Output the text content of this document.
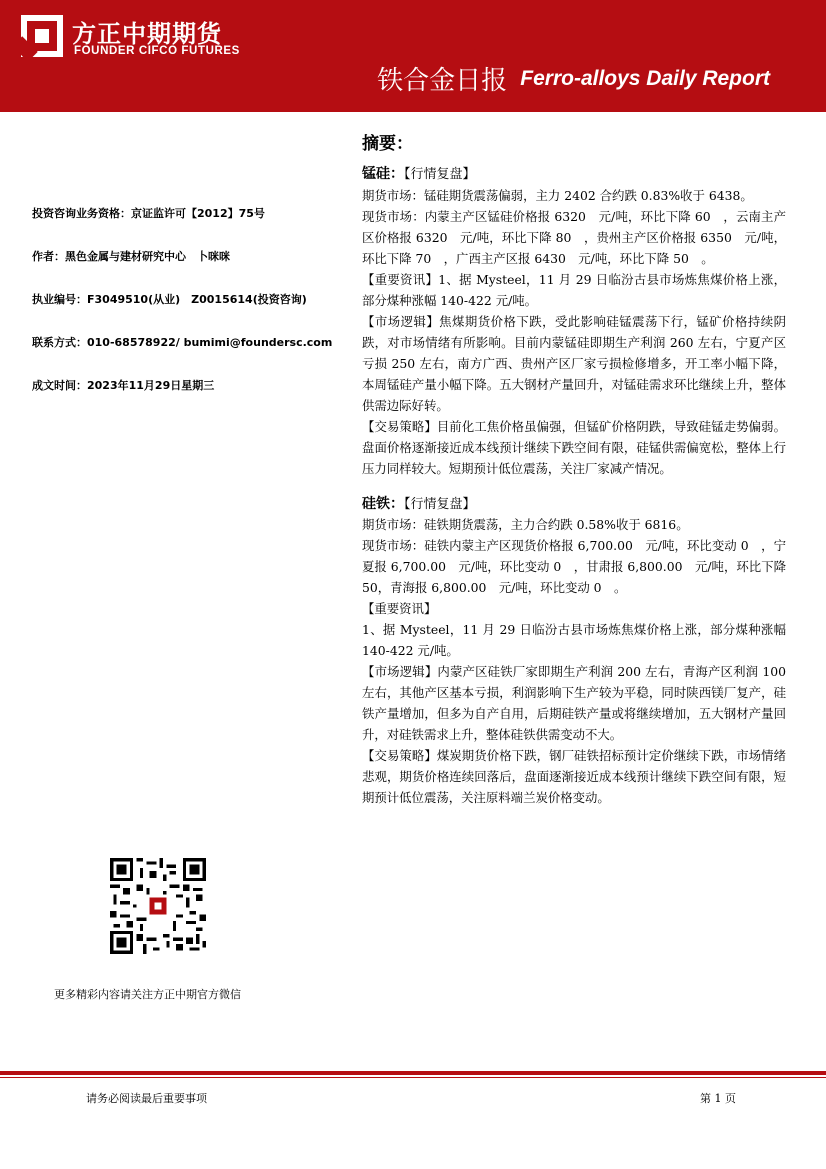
方正中期期货
FOUNDER CIFCO FUTURES
铁合金日报 Ferro-alloys Daily Report
投资咨询业务资格：京证监许可【2012】75号
作者：黑色金属与建材研究中心　卜咪咪
执业编号：F3049510(从业)　Z0015614(投资咨询)
联系方式：010-68578922/ bumimi@foundersc.com
成文时间：2023年11月29日星期三
更多精彩内容请关注方正中期官方微信
摘要：
锰硅：【行情复盘】
期货市场：锰硅期货震荡偏弱，主力 2402 合约跌 0.83%收于 6438。
现货市场：内蒙主产区锰硅价格报 6320　元/吨，环比下降 60　，云南主产区价格报 6320　元/吨，环比下降 80　，贵州主产区价格报 6350　元/吨，环比下降 70　，广西主产区报 6430　元/吨，环比下降 50　。
【重要资讯】1、据 Mysteel，11 月 29 日临汾古县市场炼焦煤价格上涨，部分煤种涨幅 140-422 元/吨。
【市场逻辑】焦煤期货价格下跌，受此影响硅锰震荡下行，锰矿价格持续阴跌，对市场情绪有所影响。目前内蒙锰硅即期生产利润 260 左右，宁夏产区亏损 250 左右，南方广西、贵州产区厂家亏损检修增多，开工率小幅下降，本周锰硅产量小幅下降。五大钢材产量回升，对锰硅需求环比继续上升，整体供需边际好转。
【交易策略】目前化工焦价格虽偏强，但锰矿价格阴跌，导致硅锰走势偏弱。盘面价格逐渐接近成本线预计继续下跌空间有限，硅锰供需偏宽松，整体上行压力同样较大。短期预计低位震荡，关注厂家减产情况。
硅铁：【行情复盘】
期货市场：硅铁期货震荡，主力合约跌 0.58%收于 6816。
现货市场：硅铁内蒙主产区现货价格报 6,700.00　元/吨，环比变动 0　，宁夏报 6,700.00　元/吨，环比变动 0　，甘肃报 6,800.00　元/吨，环比下降 50，青海报 6,800.00　元/吨，环比变动 0　。
【重要资讯】
1、据 Mysteel，11 月 29 日临汾古县市场炼焦煤价格上涨，部分煤种涨幅 140-422 元/吨。
【市场逻辑】内蒙产区硅铁厂家即期生产利润 200 左右，青海产区利润 100 左右，其他产区基本亏损，利润影响下生产较为平稳，同时陕西镁厂复产，硅铁产量增加，但多为自产自用，后期硅铁产量或将继续增加，五大钢材产量回升，对硅铁需求上升，整体硅铁供需变动不大。
【交易策略】煤炭期货价格下跌，钢厂硅铁招标预计定价继续下跌，市场情绪悲观，期货价格连续回落后，盘面逐渐接近成本线预计继续下跌空间有限，短期预计低位震荡，关注原料端兰炭价格变动。
请务必阅读最后重要事项	第 1 页
